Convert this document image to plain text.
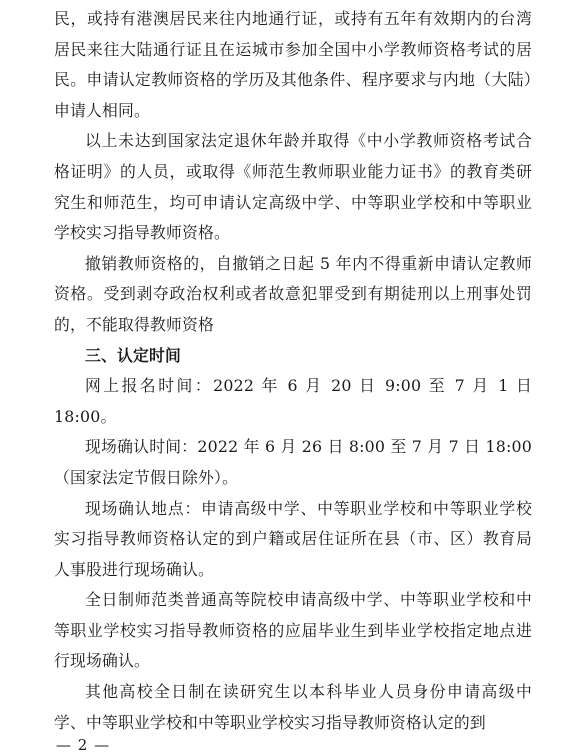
民，或持有港澳居民来往内地通行证，或持有五年有效期内的台湾居民来往大陆通行证且在运城市参加全国中小学教师资格考试的居民。申请认定教师资格的学历及其他条件、程序要求与内地（大陆）申请人相同。

以上未达到国家法定退休年龄并取得《中小学教师资格考试合格证明》的人员，或取得《师范生教师职业能力证书》的教育类研究生和师范生，均可申请认定高级中学、中等职业学校和中等职业学校实习指导教师资格。

撤销教师资格的，自撤销之日起 5 年内不得重新申请认定教师资格。受到剥夺政治权利或者故意犯罪受到有期徒刑以上刑事处罚的，不能取得教师资格

三、认定时间

网上报名时间：2022 年 6 月 20 日 9:00 至 7 月 1 日 18:00。

现场确认时间：2022 年 6 月 26 日 8:00 至 7 月 7 日 18:00（国家法定节假日除外）。

现场确认地点：申请高级中学、中等职业学校和中等职业学校实习指导教师资格认定的到户籍或居住证所在县（市、区）教育局人事股进行现场确认。

全日制师范类普通高等院校申请高级中学、中等职业学校和中等职业学校实习指导教师资格的应届毕业生到毕业学校指定地点进行现场确认。

其他高校全日制在读研究生以本科毕业人员身份申请高级中学、中等职业学校和中等职业学校实习指导教师资格认定的到

— 2 —
